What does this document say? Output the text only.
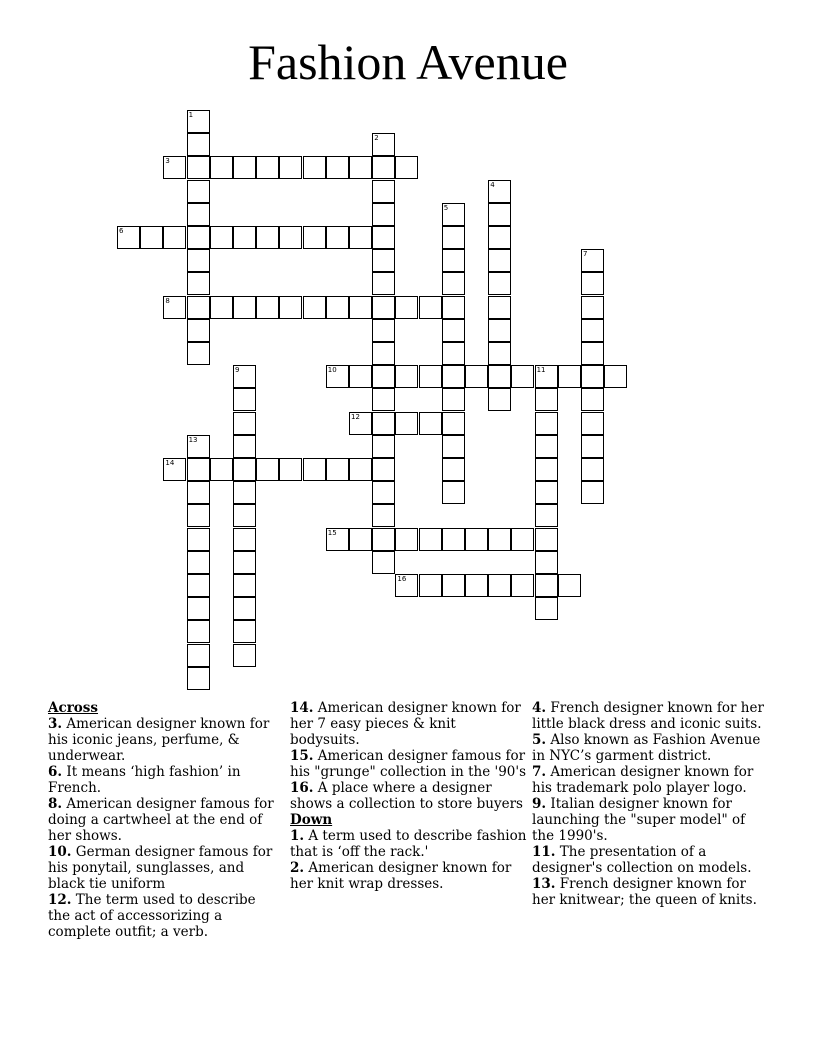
Fashion Avenue
1
2
3
4
5
6
7
8
9	10	11
12
13
14
15
16
Across
3. American designer known for his iconic jeans, perfume, & underwear.
6. It means ‘high fashion’ in French.
8. American designer famous for doing a cartwheel at the end of her shows.
10. German designer famous for his ponytail, sunglasses, and black tie uniform
12. The term used to describe the act of accessorizing a complete outfit; a verb.
14. American designer known for her 7 easy pieces & knit bodysuits.
15. American designer famous for his "grunge" collection in the '90's
16. A place where a designer shows a collection to store buyers
Down
1. A term used to describe fashion that is ‘off the rack.'
2. American designer known for her knit wrap dresses.
4. French designer known for her little black dress and iconic suits.
5. Also known as Fashion Avenue in NYC’s garment district.
7. American designer known for his trademark polo player logo.
9. Italian designer known for launching the "super model" of the 1990's.
11. The presentation of a designer's collection on models.
13. French designer known for her knitwear; the queen of knits.
